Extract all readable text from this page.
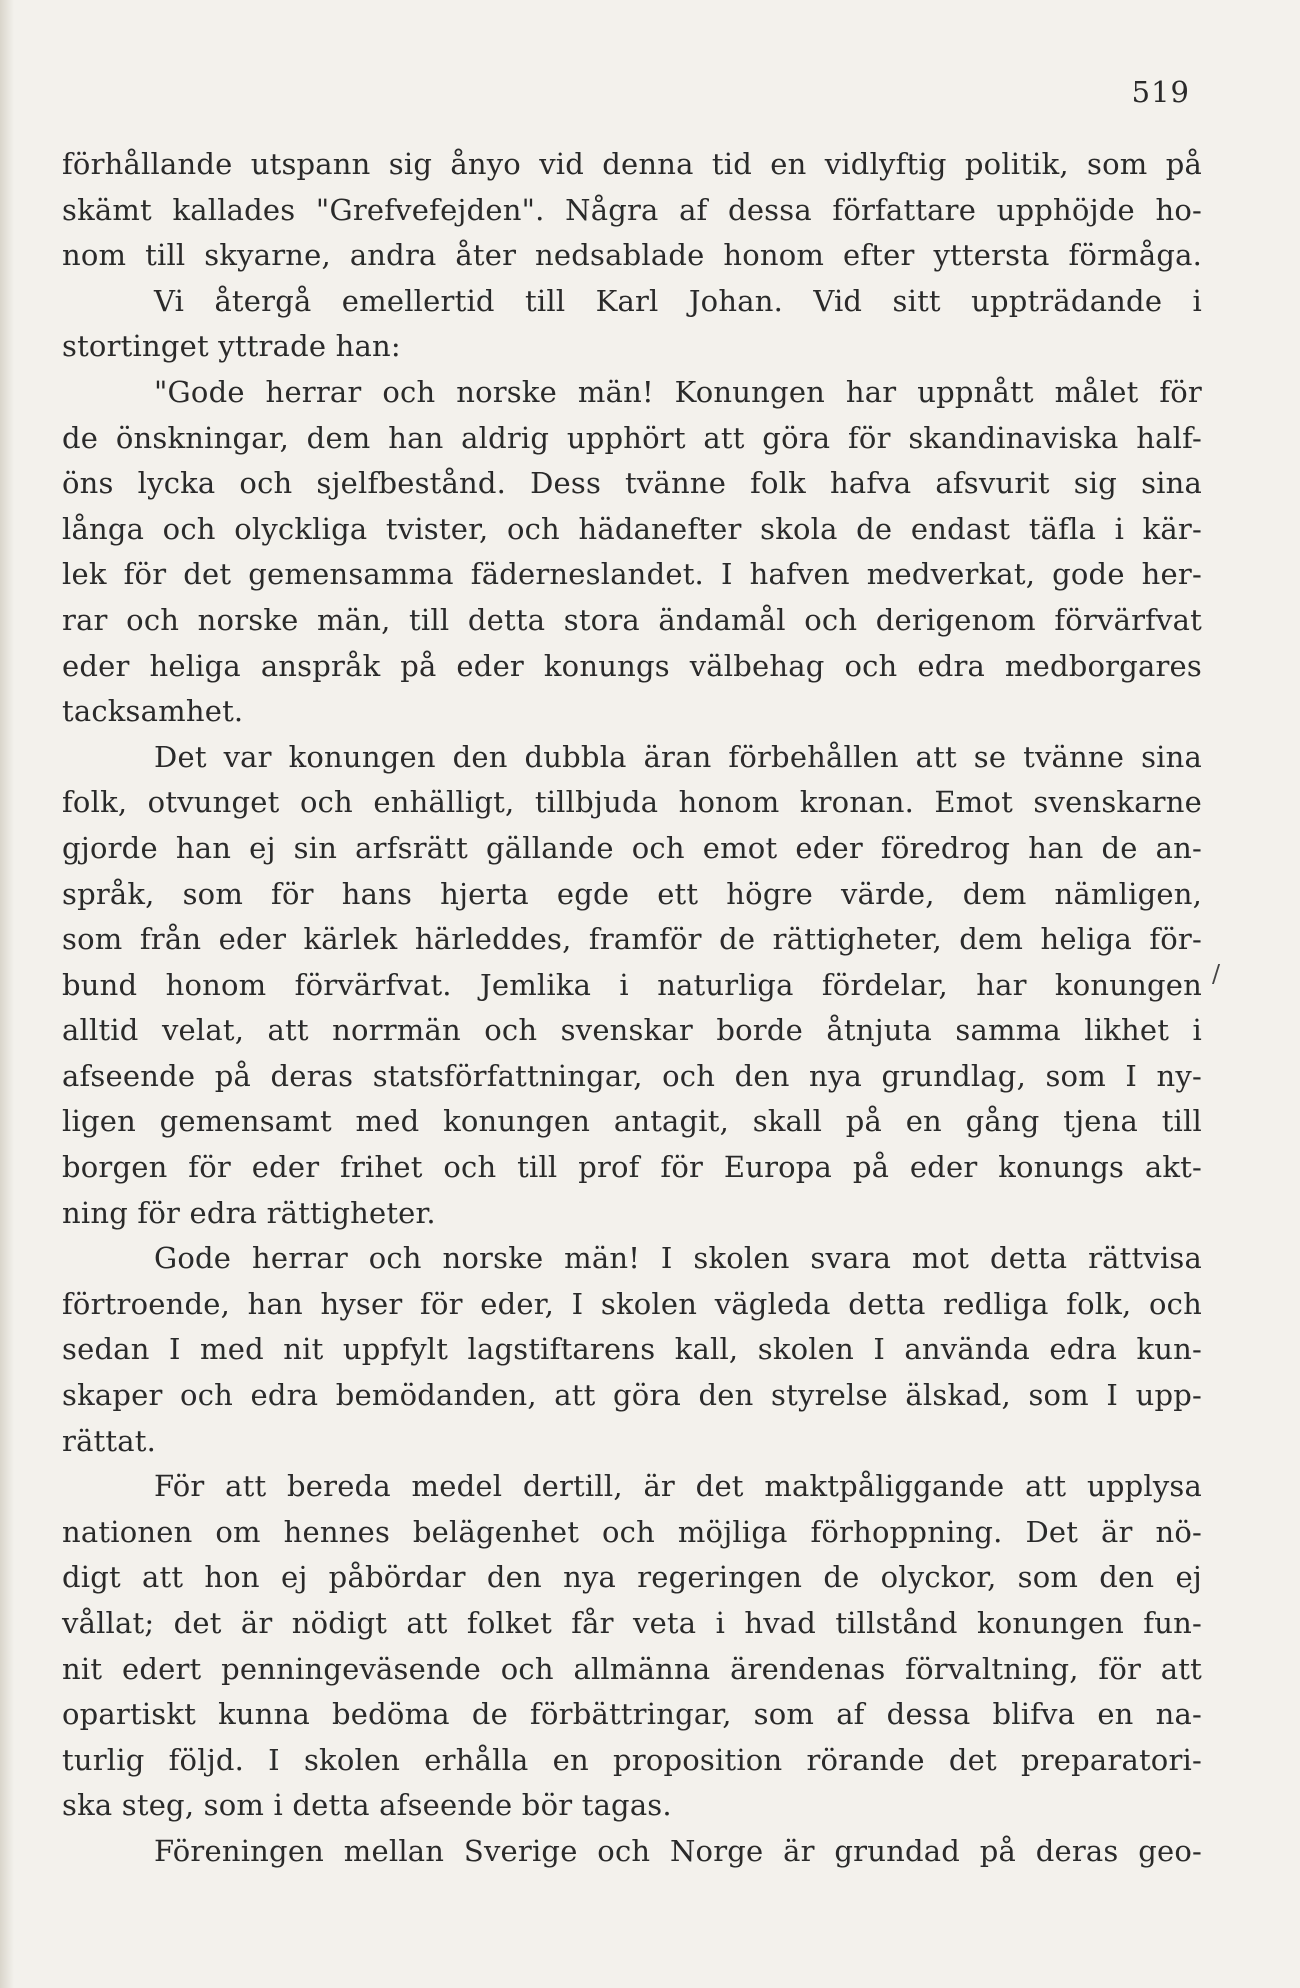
519
förhållande utspann sig ånyo vid denna tid en vidlyftig politik, som på
skämt kallades "Grefvefejden". Några af dessa författare upphöjde ho-
nom till skyarne, andra åter nedsablade honom efter yttersta förmåga.
Vi återgå emellertid till Karl Johan. Vid sitt uppträdande i
stortinget yttrade han:
"Gode herrar och norske män! Konungen har uppnått målet för
de önskningar, dem han aldrig upphört att göra för skandinaviska half-
öns lycka och sjelfbestånd. Dess tvänne folk hafva afsvurit sig sina
långa och olyckliga tvister, och hädanefter skola de endast täfla i kär-
lek för det gemensamma fäderneslandet. I hafven medverkat, gode her-
rar och norske män, till detta stora ändamål och derigenom förvärfvat
eder heliga anspråk på eder konungs välbehag och edra medborgares
tacksamhet.
Det var konungen den dubbla äran förbehållen att se tvänne sina
folk, otvunget och enhälligt, tillbjuda honom kronan. Emot svenskarne
gjorde han ej sin arfsrätt gällande och emot eder föredrog han de an-
språk, som för hans hjerta egde ett högre värde, dem nämligen,
som från eder kärlek härleddes, framför de rättigheter, dem heliga för-
bund honom förvärfvat. Jemlika i naturliga fördelar, har konungen
alltid velat, att norrmän och svenskar borde åtnjuta samma likhet i
afseende på deras statsförfattningar, och den nya grundlag, som I ny-
ligen gemensamt med konungen antagit, skall på en gång tjena till
borgen för eder frihet och till prof för Europa på eder konungs akt-
ning för edra rättigheter.
Gode herrar och norske män! I skolen svara mot detta rättvisa
förtroende, han hyser för eder, I skolen vägleda detta redliga folk, och
sedan I med nit uppfylt lagstiftarens kall, skolen I använda edra kun-
skaper och edra bemödanden, att göra den styrelse älskad, som I upp-
rättat.
För att bereda medel dertill, är det maktpåliggande att upplysa
nationen om hennes belägenhet och möjliga förhoppning. Det är nö-
digt att hon ej påbördar den nya regeringen de olyckor, som den ej
vållat; det är nödigt att folket får veta i hvad tillstånd konungen fun-
nit edert penningeväsende och allmänna ärendenas förvaltning, för att
opartiskt kunna bedöma de förbättringar, som af dessa blifva en na-
turlig följd. I skolen erhålla en proposition rörande det preparatori-
ska steg, som i detta afseende bör tagas.
Föreningen mellan Sverige och Norge är grundad på deras geo-
/
